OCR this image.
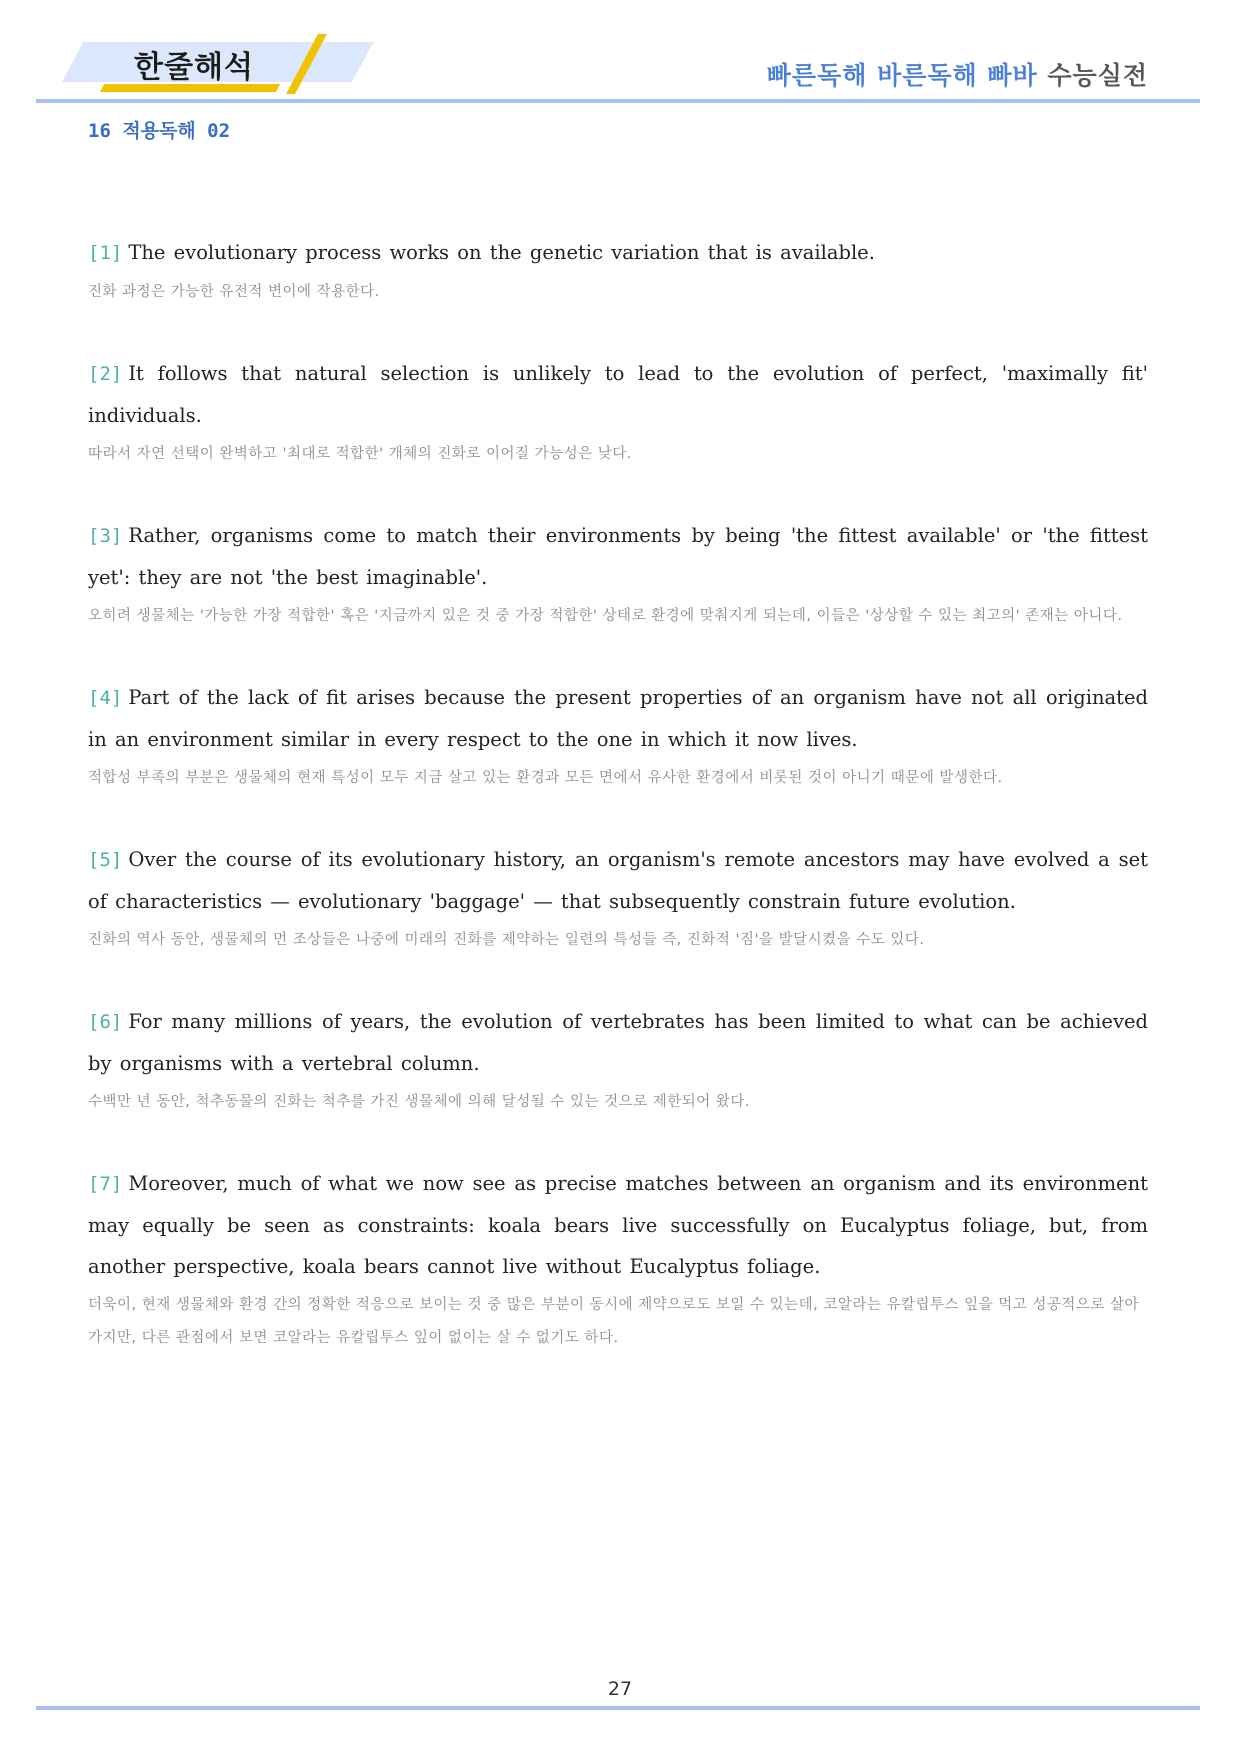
한줄해석	빠른독해 바른독해 빠바 수능실전
16 적용독해 02
[1] The evolutionary process works on the genetic variation that is available.
진화 과정은 가능한 유전적 변이에 작용한다.
[2] It follows that natural selection is unlikely to lead to the evolution of perfect, 'maximally fit' individuals.
따라서 자연 선택이 완벽하고 '최대로 적합한' 개체의 진화로 이어질 가능성은 낮다.
[3] Rather, organisms come to match their environments by being 'the fittest available' or 'the fittest yet': they are not 'the best imaginable'.
오히려 생물체는 '가능한 가장 적합한' 혹은 '지금까지 있은 것 중 가장 적합한' 상태로 환경에 맞춰지게 되는데, 이들은 '상상할 수 있는 최고의' 존재는 아니다.
[4] Part of the lack of fit arises because the present properties of an organism have not all originated in an environment similar in every respect to the one in which it now lives.
적합성 부족의 부분은 생물체의 현재 특성이 모두 지금 살고 있는 환경과 모든 면에서 유사한 환경에서 비롯된 것이 아니기 때문에 발생한다.
[5] Over the course of its evolutionary history, an organism's remote ancestors may have evolved a set of characteristics — evolutionary 'baggage' — that subsequently constrain future evolution.
진화의 역사 동안, 생물체의 먼 조상들은 나중에 미래의 진화를 제약하는 일련의 특성들 즉, 진화적 '짐'을 발달시켰을 수도 있다.
[6] For many millions of years, the evolution of vertebrates has been limited to what can be achieved by organisms with a vertebral column.
수백만 년 동안, 척추동물의 진화는 척추를 가진 생물체에 의해 달성될 수 있는 것으로 제한되어 왔다.
[7] Moreover, much of what we now see as precise matches between an organism and its environment may equally be seen as constraints: koala bears live successfully on Eucalyptus foliage, but, from another perspective, koala bears cannot live without Eucalyptus foliage.
더욱이, 현재 생물체와 환경 간의 정확한 적응으로 보이는 것 중 많은 부분이 동시에 제약으로도 보일 수 있는데, 코알라는 유칼립투스 잎을 먹고 성공적으로 살아가지만, 다른 관점에서 보면 코알라는 유칼립투스 잎이 없이는 살 수 없기도 하다.
27
